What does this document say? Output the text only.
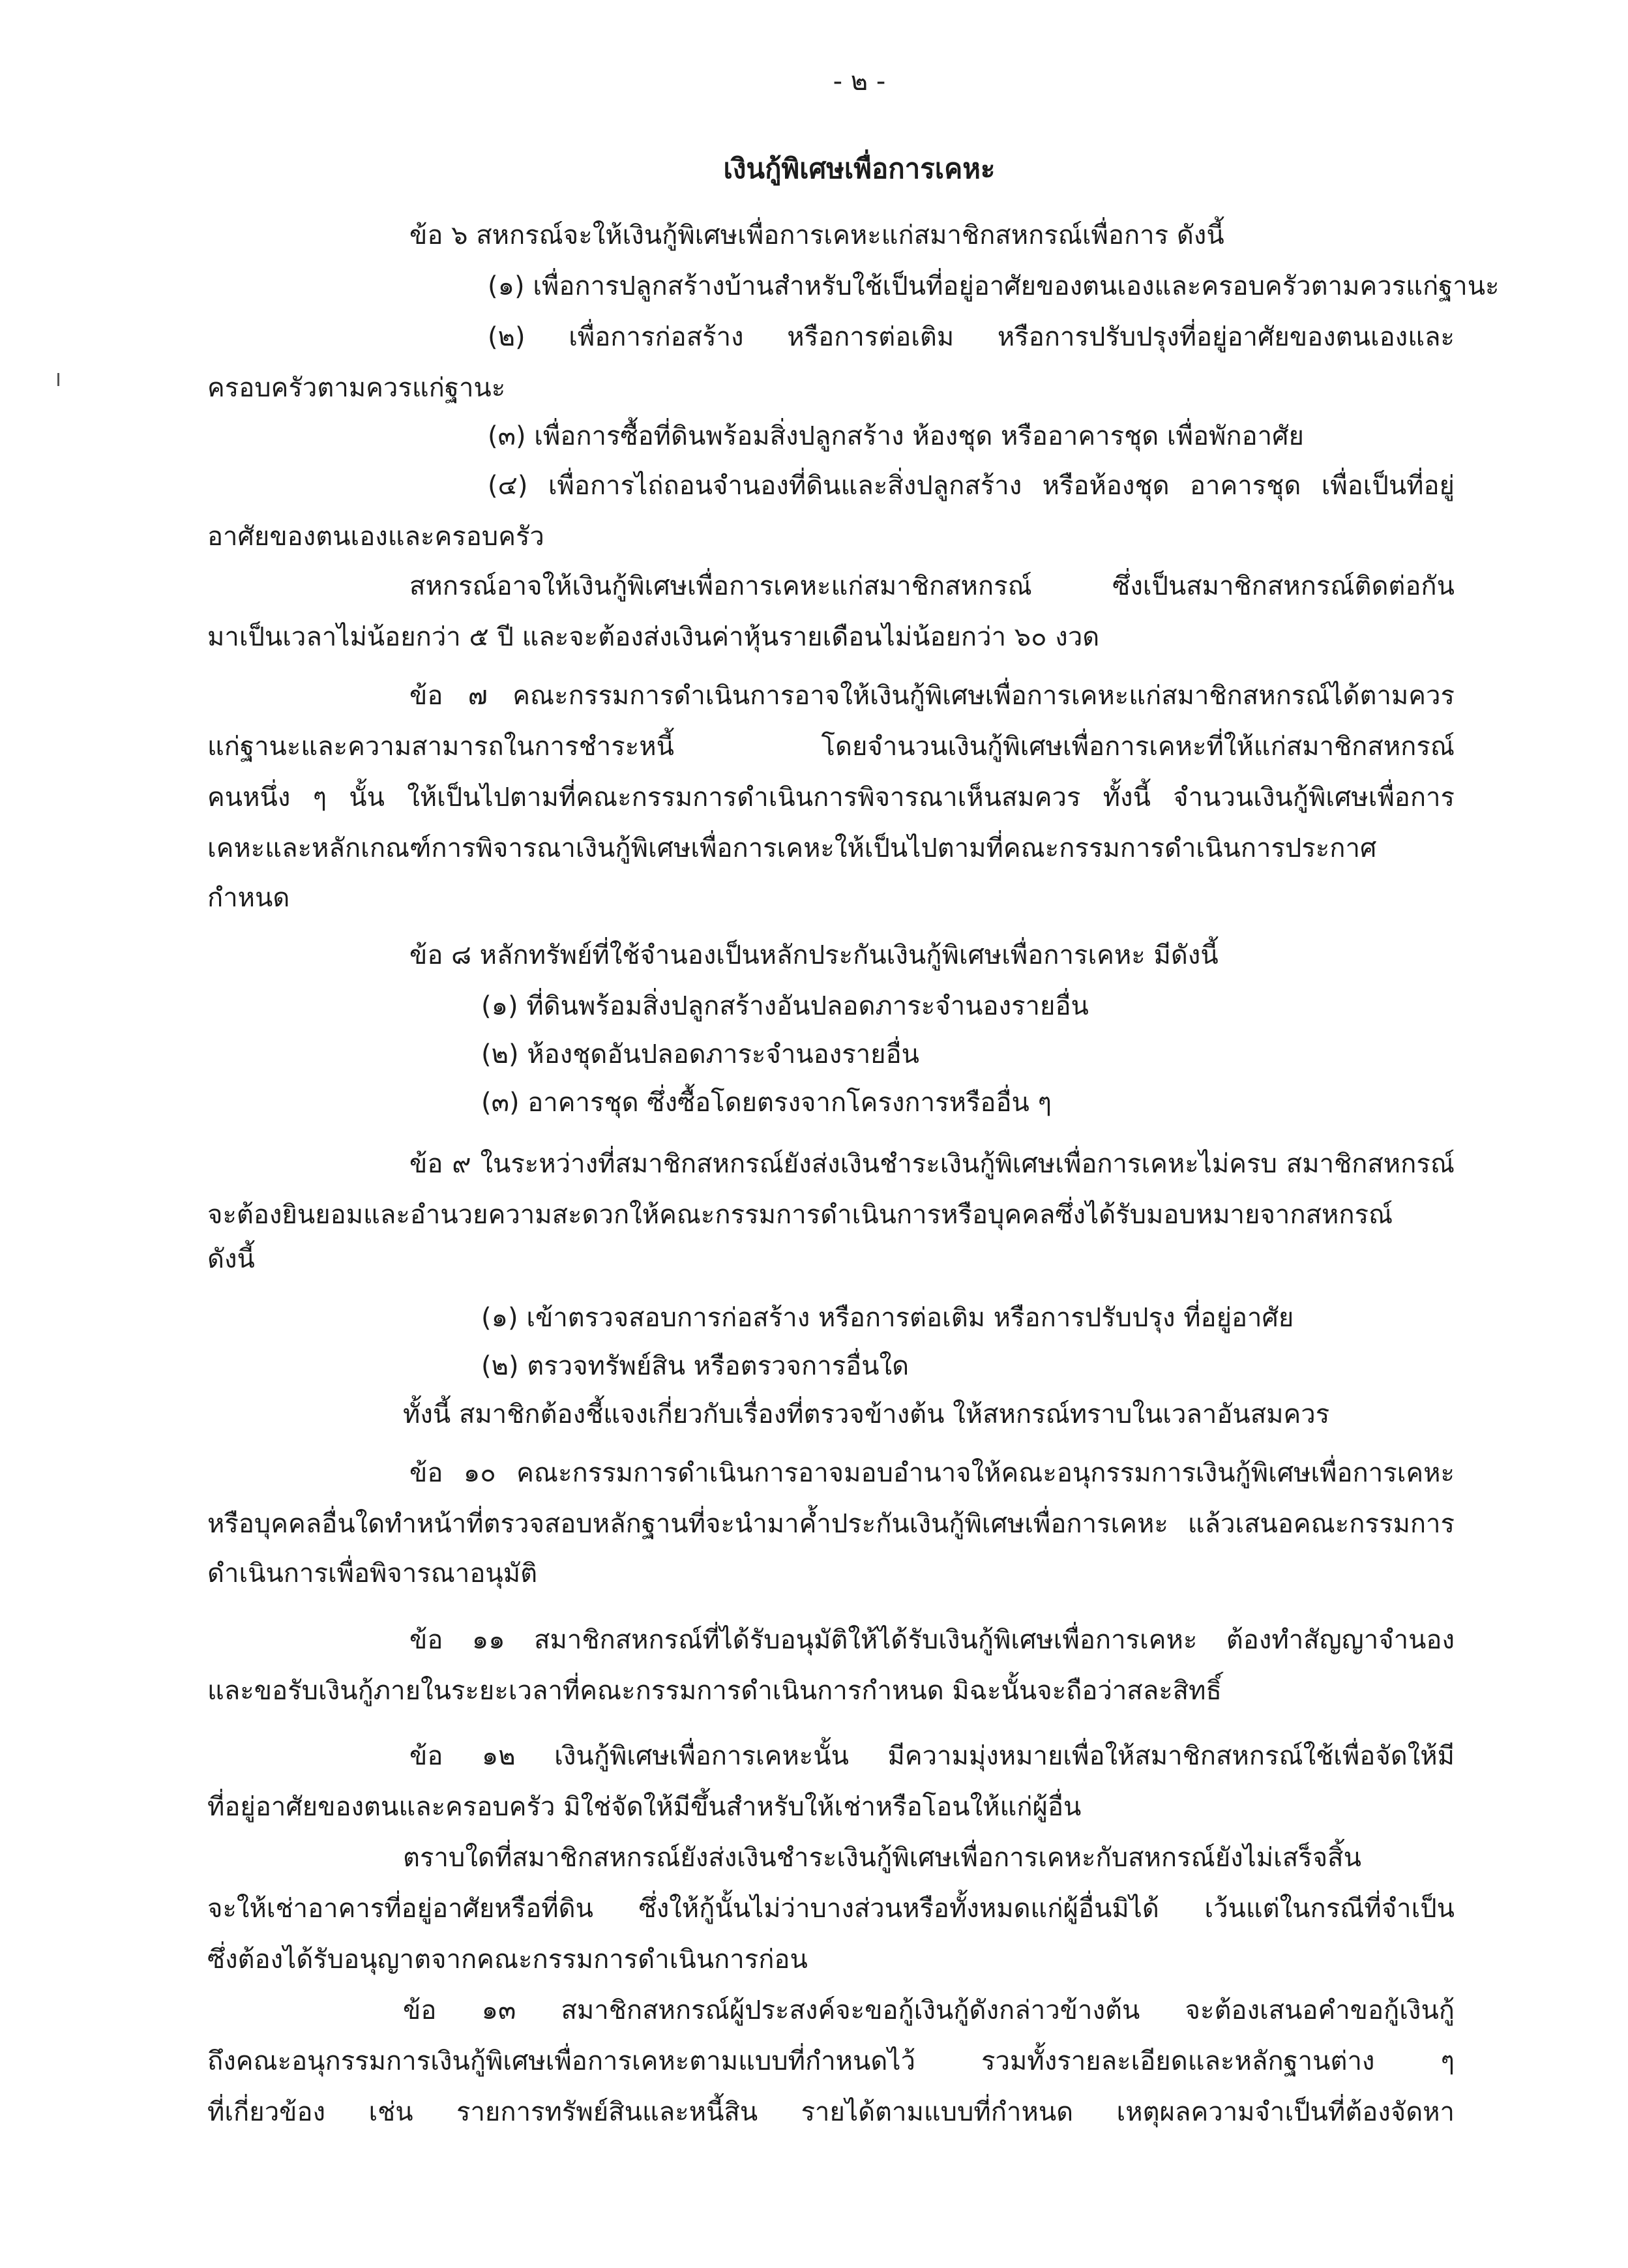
- ๒ -
เงินกู้พิเศษเพื่อการเคหะ
ข้อ ๖ สหกรณ์จะให้เงินกู้พิเศษเพื่อการเคหะแก่สมาชิกสหกรณ์เพื่อการ ดังนี้
(๑) เพื่อการปลูกสร้างบ้านสำหรับใช้เป็นที่อยู่อาศัยของตนเองและครอบครัวตามควรแก่ฐานะ
(๒) เพื่อการก่อสร้าง หรือการต่อเติม หรือการปรับปรุงที่อยู่อาศัยของตนเองและ
ครอบครัวตามควรแก่ฐานะ
(๓) เพื่อการซื้อที่ดินพร้อมสิ่งปลูกสร้าง ห้องชุด หรืออาคารชุด เพื่อพักอาศัย
(๔) เพื่อการไถ่ถอนจำนองที่ดินและสิ่งปลูกสร้าง หรือห้องชุด อาคารชุด เพื่อเป็นที่อยู่
อาศัยของตนเองและครอบครัว
สหกรณ์อาจให้เงินกู้พิเศษเพื่อการเคหะแก่สมาชิกสหกรณ์ ซึ่งเป็นสมาชิกสหกรณ์ติดต่อกัน
มาเป็นเวลาไม่น้อยกว่า ๕ ปี และจะต้องส่งเงินค่าหุ้นรายเดือนไม่น้อยกว่า ๖๐ งวด
ข้อ ๗ คณะกรรมการดำเนินการอาจให้เงินกู้พิเศษเพื่อการเคหะแก่สมาชิกสหกรณ์ได้ตามควร
แก่ฐานะและความสามารถในการชำระหนี้ โดยจำนวนเงินกู้พิเศษเพื่อการเคหะที่ให้แก่สมาชิกสหกรณ์
คนหนึ่ง ๆ นั้น ให้เป็นไปตามที่คณะกรรมการดำเนินการพิจารณาเห็นสมควร ทั้งนี้ จำนวนเงินกู้พิเศษเพื่อการ
เคหะและหลักเกณฑ์การพิจารณาเงินกู้พิเศษเพื่อการเคหะให้เป็นไปตามที่คณะกรรมการดำเนินการประกาศ
กำหนด
ข้อ ๘ หลักทรัพย์ที่ใช้จำนองเป็นหลักประกันเงินกู้พิเศษเพื่อการเคหะ มีดังนี้
(๑) ที่ดินพร้อมสิ่งปลูกสร้างอันปลอดภาระจำนองรายอื่น
(๒) ห้องชุดอันปลอดภาระจำนองรายอื่น
(๓) อาคารชุด ซึ่งซื้อโดยตรงจากโครงการหรืออื่น ๆ
ข้อ ๙ ในระหว่างที่สมาชิกสหกรณ์ยังส่งเงินชำระเงินกู้พิเศษเพื่อการเคหะไม่ครบ สมาชิกสหกรณ์
จะต้องยินยอมและอำนวยความสะดวกให้คณะกรรมการดำเนินการหรือบุคคลซึ่งได้รับมอบหมายจากสหกรณ์
ดังนี้
(๑) เข้าตรวจสอบการก่อสร้าง หรือการต่อเติม หรือการปรับปรุง ที่อยู่อาศัย
(๒) ตรวจทรัพย์สิน หรือตรวจการอื่นใด
ทั้งนี้ สมาชิกต้องชี้แจงเกี่ยวกับเรื่องที่ตรวจข้างต้น ให้สหกรณ์ทราบในเวลาอันสมควร
ข้อ ๑๐ คณะกรรมการดำเนินการอาจมอบอำนาจให้คณะอนุกรรมการเงินกู้พิเศษเพื่อการเคหะ
หรือบุคคลอื่นใดทำหน้าที่ตรวจสอบหลักฐานที่จะนำมาค้ำประกันเงินกู้พิเศษเพื่อการเคหะ แล้วเสนอคณะกรรมการ
ดำเนินการเพื่อพิจารณาอนุมัติ
ข้อ ๑๑ สมาชิกสหกรณ์ที่ได้รับอนุมัติให้ได้รับเงินกู้พิเศษเพื่อการเคหะ ต้องทำสัญญาจำนอง
และขอรับเงินกู้ภายในระยะเวลาที่คณะกรรมการดำเนินการกำหนด มิฉะนั้นจะถือว่าสละสิทธิ์
ข้อ ๑๒ เงินกู้พิเศษเพื่อการเคหะนั้น มีความมุ่งหมายเพื่อให้สมาชิกสหกรณ์ใช้เพื่อจัดให้มี
ที่อยู่อาศัยของตนและครอบครัว มิใช่จัดให้มีขึ้นสำหรับให้เช่าหรือโอนให้แก่ผู้อื่น
ตราบใดที่สมาชิกสหกรณ์ยังส่งเงินชำระเงินกู้พิเศษเพื่อการเคหะกับสหกรณ์ยังไม่เสร็จสิ้น
จะให้เช่าอาคารที่อยู่อาศัยหรือที่ดิน ซึ่งให้กู้นั้นไม่ว่าบางส่วนหรือทั้งหมดแก่ผู้อื่นมิได้ เว้นแต่ในกรณีที่จำเป็น
ซึ่งต้องได้รับอนุญาตจากคณะกรรมการดำเนินการก่อน
ข้อ ๑๓ สมาชิกสหกรณ์ผู้ประสงค์จะขอกู้เงินกู้ดังกล่าวข้างต้น จะต้องเสนอคำขอกู้เงินกู้
ถึงคณะอนุกรรมการเงินกู้พิเศษเพื่อการเคหะตามแบบที่กำหนดไว้ รวมทั้งรายละเอียดและหลักฐานต่าง ๆ
ที่เกี่ยวข้อง เช่น รายการทรัพย์สินและหนี้สิน รายได้ตามแบบที่กำหนด เหตุผลความจำเป็นที่ต้องจัดหา
